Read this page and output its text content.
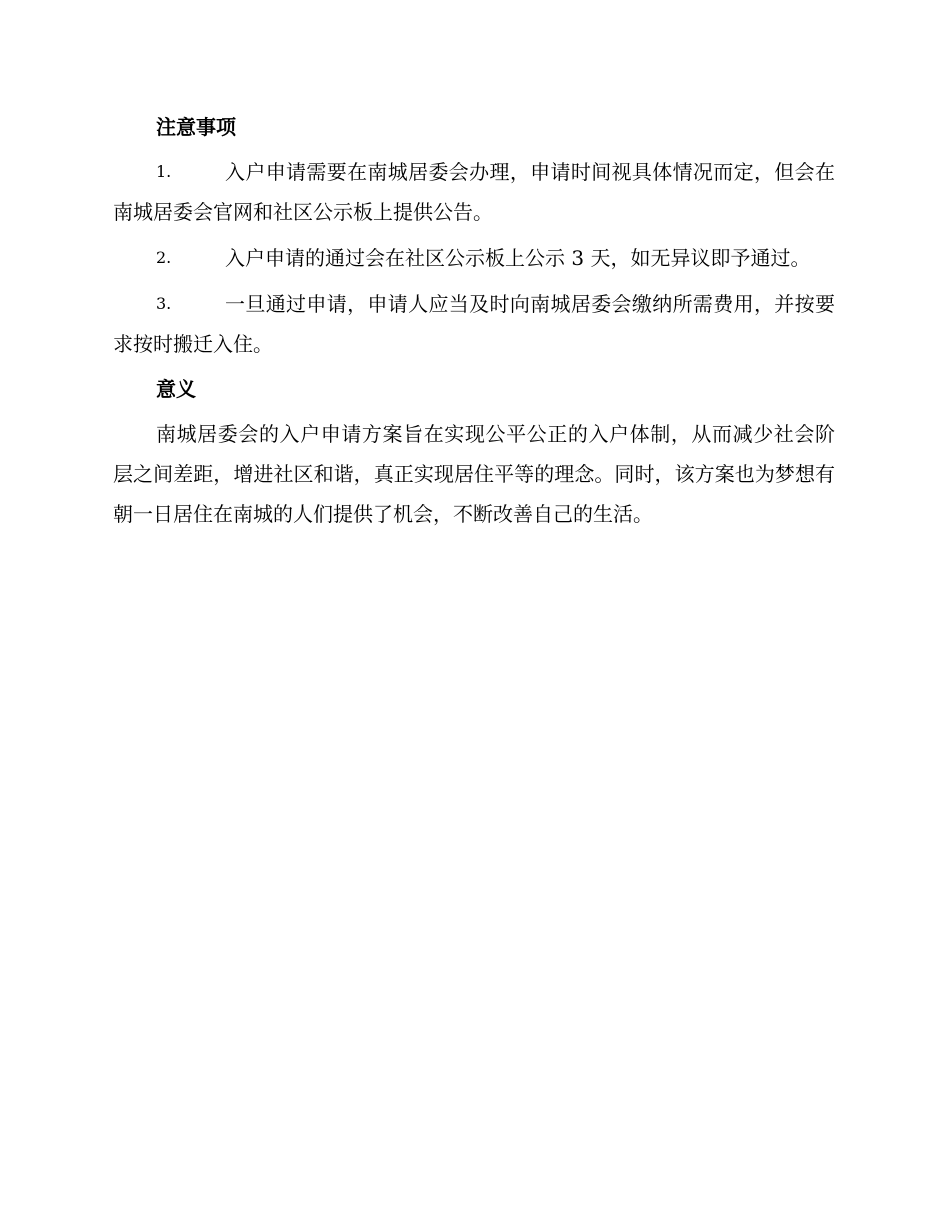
注意事项

1.	入户申请需要在南城居委会办理，申请时间视具体情况而定，但会在南城居委会官网和社区公示板上提供公告。

2.	入户申请的通过会在社区公示板上公示 3 天，如无异议即予通过。

3.	一旦通过申请，申请人应当及时向南城居委会缴纳所需费用，并按要求按时搬迁入住。

意义

南城居委会的入户申请方案旨在实现公平公正的入户体制，从而减少社会阶层之间差距，增进社区和谐，真正实现居住平等的理念。同时，该方案也为梦想有朝一日居住在南城的人们提供了机会，不断改善自己的生活。
